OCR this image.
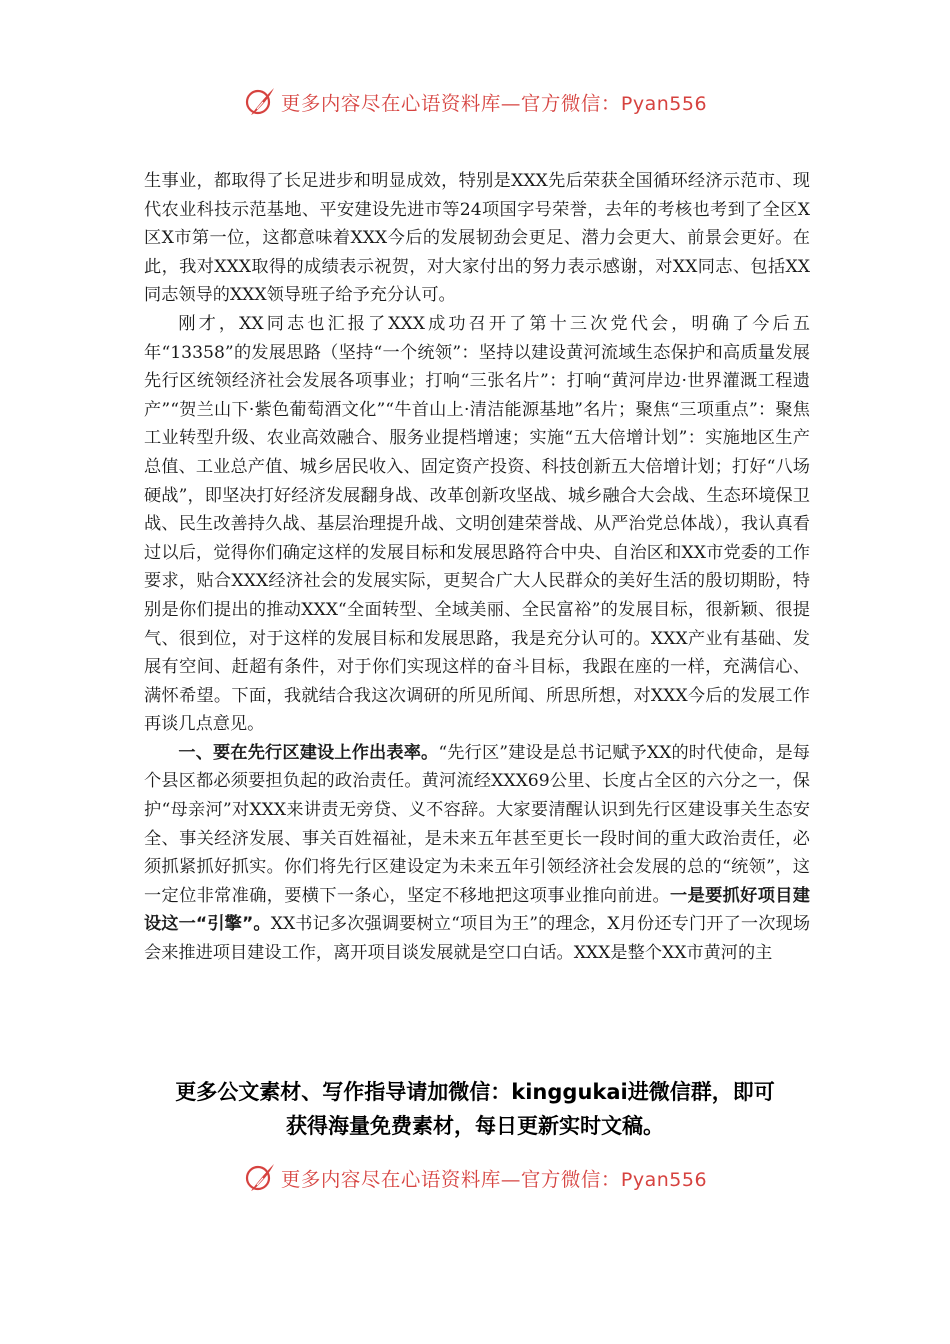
更多内容尽在心语资料库—官方微信：Pyan556

生事业，都取得了长足进步和明显成效，特别是XXX先后荣获全国循环经济示范市、现代农业科技示范基地、平安建设先进市等24项国字号荣誉，去年的考核也考到了全区X区X市第一位，这都意味着XXX今后的发展韧劲会更足、潜力会更大、前景会更好。在此，我对XXX取得的成绩表示祝贺，对大家付出的努力表示感谢，对XX同志、包括XX同志领导的XXX领导班子给予充分认可。

刚才，XX同志也汇报了XXX成功召开了第十三次党代会，明确了今后五年“13358”的发展思路（坚持“一个统领”：坚持以建设黄河流域生态保护和高质量发展先行区统领经济社会发展各项事业；打响“三张名片”：打响“黄河岸边·世界灌溉工程遗产”“贺兰山下·紫色葡萄酒文化”“牛首山上·清洁能源基地”名片；聚焦“三项重点”：聚焦工业转型升级、农业高效融合、服务业提档增速；实施“五大倍增计划”：实施地区生产总值、工业总产值、城乡居民收入、固定资产投资、科技创新五大倍增计划；打好“八场硬战”，即坚决打好经济发展翻身战、改革创新攻坚战、城乡融合大会战、生态环境保卫战、民生改善持久战、基层治理提升战、文明创建荣誉战、从严治党总体战），我认真看过以后，觉得你们确定这样的发展目标和发展思路符合中央、自治区和XX市党委的工作要求，贴合XXX经济社会的发展实际，更契合广大人民群众的美好生活的殷切期盼，特别是你们提出的推动XXX“全面转型、全域美丽、全民富裕”的发展目标，很新颖、很提气、很到位，对于这样的发展目标和发展思路，我是充分认可的。XXX产业有基础、发展有空间、赶超有条件，对于你们实现这样的奋斗目标，我跟在座的一样，充满信心、满怀希望。下面，我就结合我这次调研的所见所闻、所思所想，对XXX今后的发展工作再谈几点意见。

一、要在先行区建设上作出表率。“先行区”建设是总书记赋予XX的时代使命，是每个县区都必须要担负起的政治责任。黄河流经XXX69公里、长度占全区的六分之一，保护“母亲河”对XXX来讲责无旁贷、义不容辞。大家要清醒认识到先行区建设事关生态安全、事关经济发展、事关百姓福祉，是未来五年甚至更长一段时间的重大政治责任，必须抓紧抓好抓实。你们将先行区建设定为未来五年引领经济社会发展的总的“统领”，这一定位非常准确，要横下一条心，坚定不移地把这项事业推向前进。一是要抓好项目建设这一“引擎”。XX书记多次强调要树立“项目为王”的理念，X月份还专门开了一次现场会来推进项目建设工作，离开项目谈发展就是空口白话。XXX是整个XX市黄河的主

更多公文素材、写作指导请加微信：kinggukai进微信群，即可
获得海量免费素材，每日更新实时文稿。
更多内容尽在心语资料库—官方微信：Pyan556
